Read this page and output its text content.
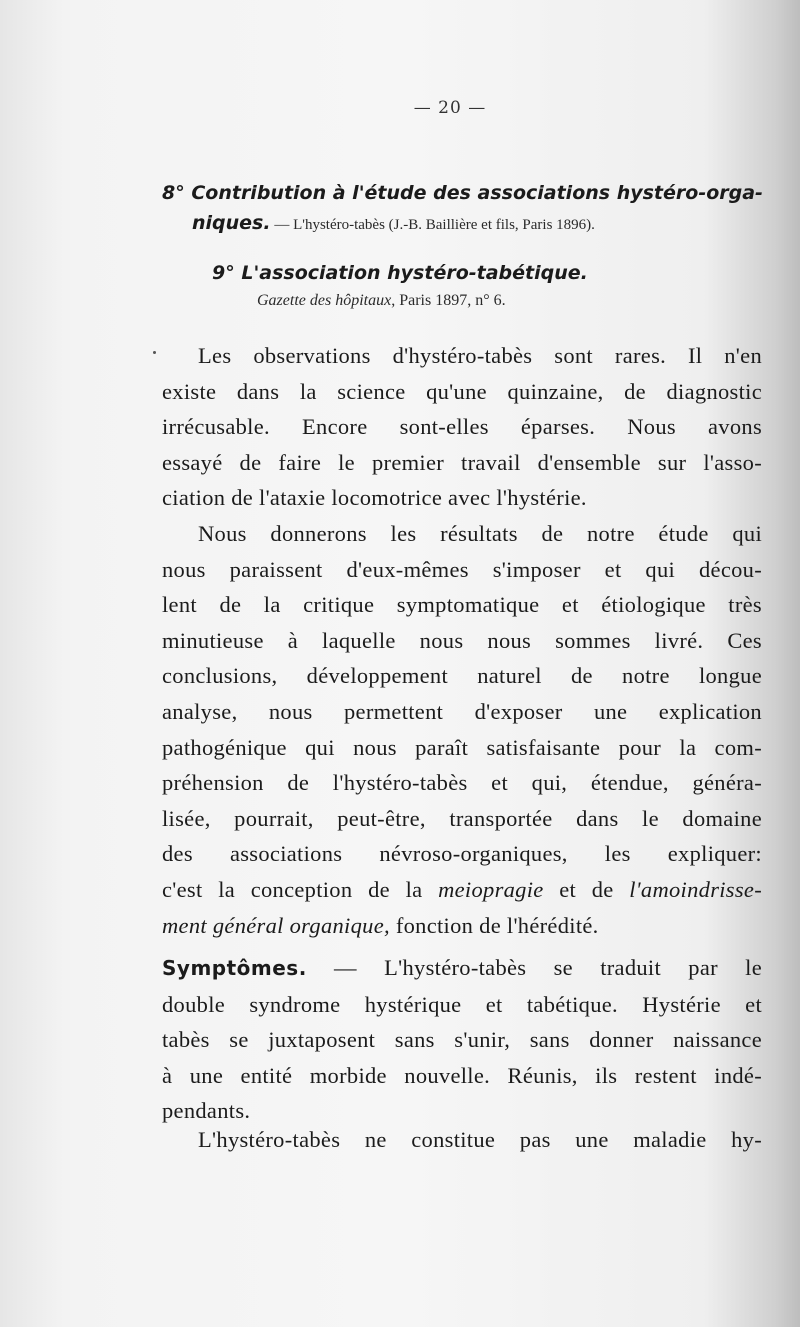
— 20 —
8° Contribution à l'étude des associations hystéro-orga-
niques. — L'hystéro-tabès (J.-B. Baillière et fils, Paris 1896).
9° L'association hystéro-tabétique.
Gazette des hôpitaux, Paris 1897, n° 6.
Les observations d'hystéro-tabès sont rares. Il n'en
existe dans la science qu'une quinzaine, de diagnostic
irrécusable. Encore sont-elles éparses. Nous avons
essayé de faire le premier travail d'ensemble sur l'asso-
ciation de l'ataxie locomotrice avec l'hystérie.
Nous donnerons les résultats de notre étude qui
nous paraissent d'eux-mêmes s'imposer et qui décou-
lent de la critique symptomatique et étiologique très
minutieuse à laquelle nous nous sommes livré. Ces
conclusions, développement naturel de notre longue
analyse, nous permettent d'exposer une explication
pathogénique qui nous paraît satisfaisante pour la com-
préhension de l'hystéro-tabès et qui, étendue, généra-
lisée, pourrait, peut-être, transportée dans le domaine
des associations névroso-organiques, les expliquer:
c'est la conception de la meiopragie et de l'amoindrisse-
ment général organique, fonction de l'hérédité.
Symptômes. — L'hystéro-tabès se traduit par le
double syndrome hystérique et tabétique. Hystérie et
tabès se juxtaposent sans s'unir, sans donner naissance
à une entité morbide nouvelle. Réunis, ils restent indé-
pendants.
L'hystéro-tabès ne constitue pas une maladie hy-
